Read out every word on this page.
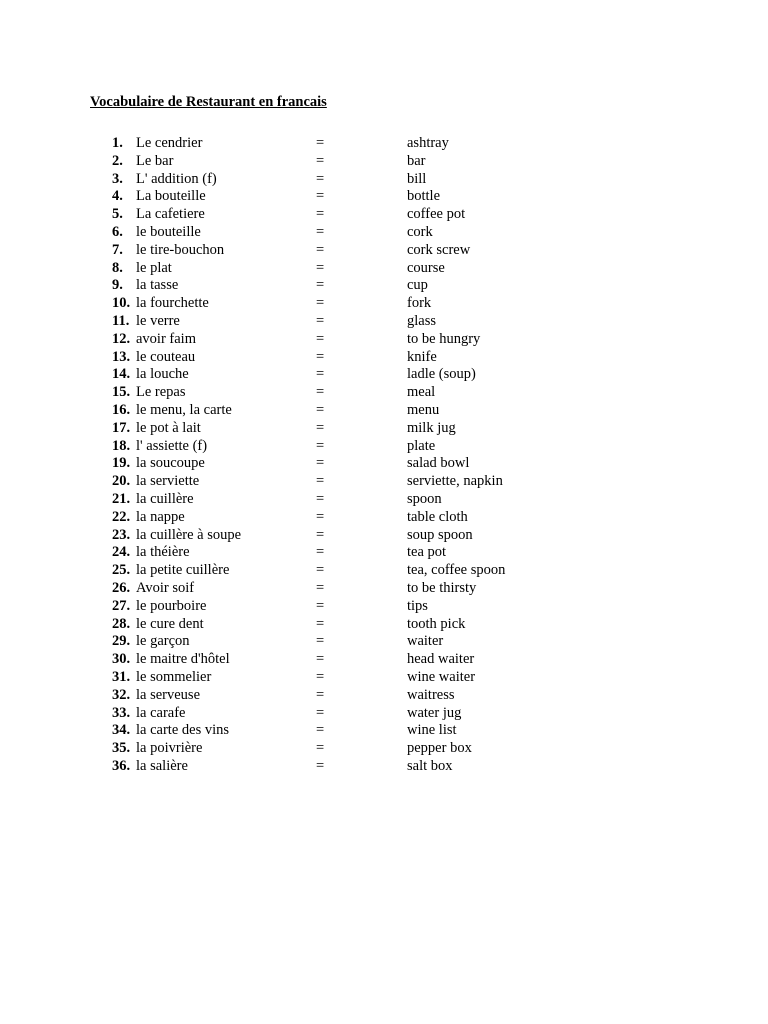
Vocabulaire de Restaurant en francais
1. Le cendrier	=	ashtray
2. Le bar	=	bar
3. L' addition (f)	=	bill
4. La bouteille	=	bottle
5. La cafetiere	=	coffee pot
6. le bouteille	=	cork
7. le tire-bouchon	=	cork screw
8. le plat	=	course
9. la tasse	=	cup
10. la fourchette	=	fork
11. le verre	=	glass
12. avoir faim	=	to be hungry
13. le couteau	=	knife
14. la louche	=	ladle (soup)
15. Le repas	=	meal
16. le menu, la carte	=	menu
17. le pot à lait	=	milk jug
18. l' assiette (f)	=	plate
19. la soucoupe	=	salad bowl
20. la serviette	=	serviette, napkin
21. la cuillère	=	spoon
22. la nappe	=	table cloth
23. la cuillère à soupe	=	soup spoon
24. la théière	=	tea pot
25. la petite cuillère	=	tea, coffee spoon
26. Avoir soif	=	to be thirsty
27. le pourboire	=	tips
28. le cure dent	=	tooth pick
29. le garçon	=	waiter
30. le maitre d'hôtel	=	head waiter
31. le sommelier	=	wine waiter
32. la serveuse	=	waitress
33. la carafe	=	water jug
34. la carte des vins	=	wine list
35. la poivrière	=	pepper box
36. la salière	=	salt box
